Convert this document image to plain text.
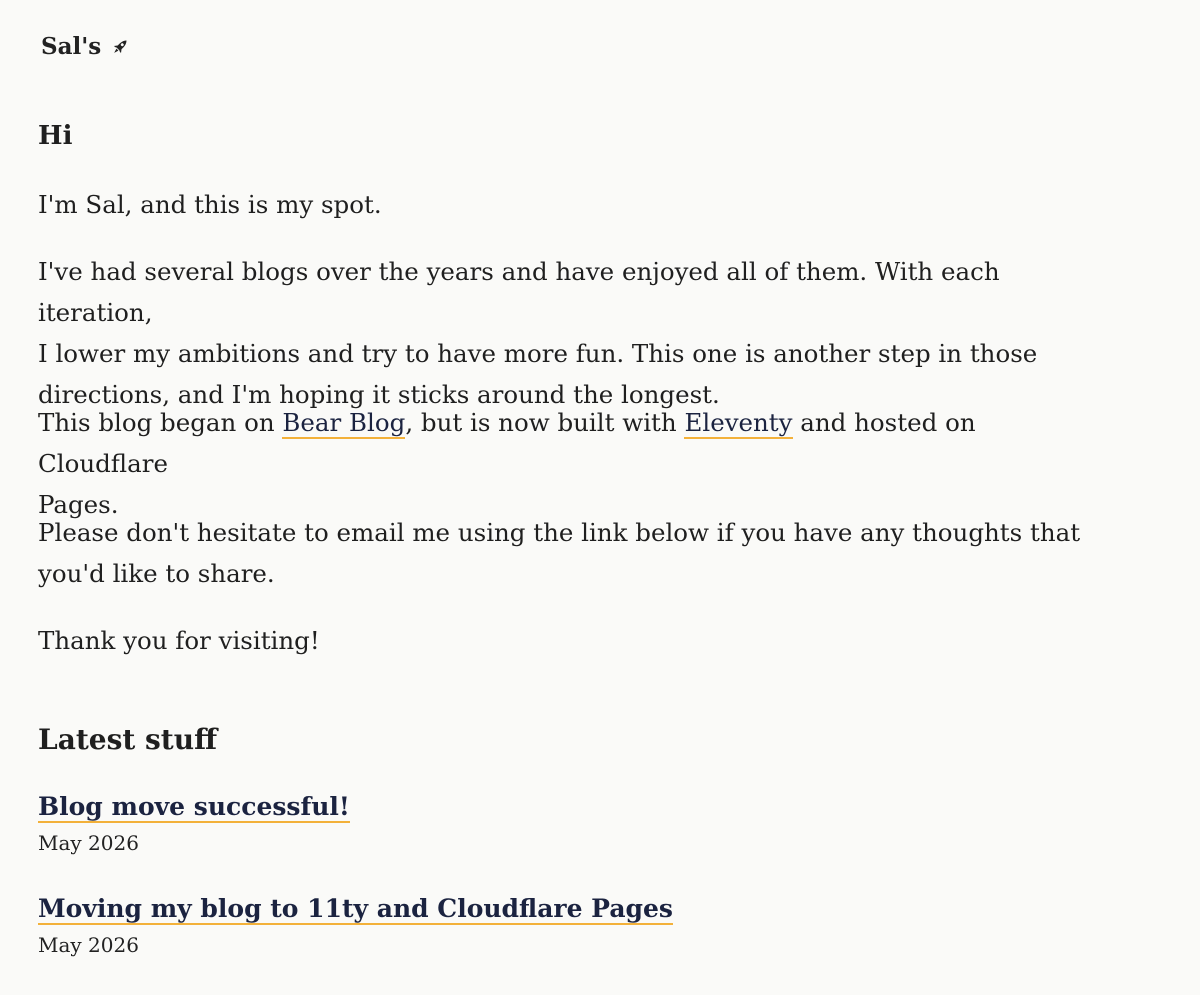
Sal's
Hi

I'm Sal, and this is my spot.

I've had several blogs over the years and have enjoyed all of them. With each iteration,
I lower my ambitions and try to have more fun. This one is another step in those
directions, and I'm hoping it sticks around the longest.

This blog began on Bear Blog, but is now built with Eleventy and hosted on Cloudflare
Pages.

Please don't hesitate to email me using the link below if you have any thoughts that
you'd like to share.

Thank you for visiting!

Latest stuff
Blog move successful!
May 2026
Moving my blog to 11ty and Cloudflare Pages
May 2026
